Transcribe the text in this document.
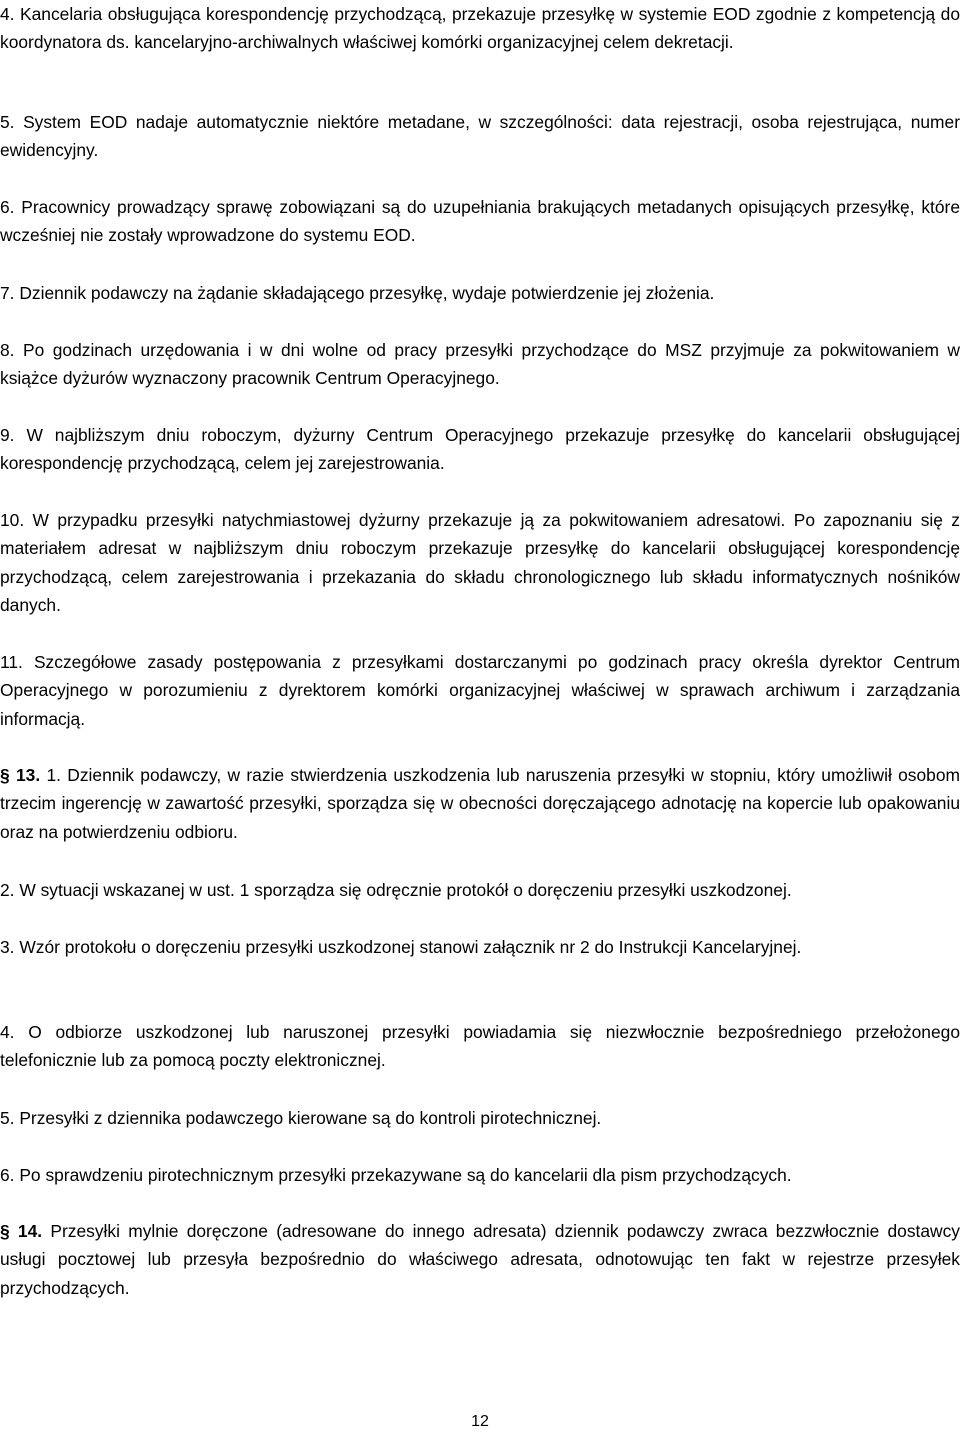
4. Kancelaria obsługująca korespondencję przychodzącą, przekazuje przesyłkę w systemie EOD zgodnie z kompetencją do koordynatora ds. kancelaryjno-archiwalnych właściwej komórki organizacyjnej celem dekretacji.

5. System EOD nadaje automatycznie niektóre metadane, w szczególności: data rejestracji, osoba rejestrująca, numer ewidencyjny.

6. Pracownicy prowadzący sprawę zobowiązani są do uzupełniania brakujących metadanych opisujących przesyłkę, które wcześniej nie zostały wprowadzone do systemu EOD.

7. Dziennik podawczy na żądanie składającego przesyłkę, wydaje potwierdzenie jej złożenia.

8. Po godzinach urzędowania i w dni wolne od pracy przesyłki przychodzące do MSZ przyjmuje za pokwitowaniem w książce dyżurów wyznaczony pracownik Centrum Operacyjnego.

9. W najbliższym dniu roboczym, dyżurny Centrum Operacyjnego przekazuje przesyłkę do kancelarii obsługującej korespondencję przychodzącą, celem jej zarejestrowania.

10. W przypadku przesyłki natychmiastowej dyżurny przekazuje ją za pokwitowaniem adresatowi. Po zapoznaniu się z materiałem adresat w najbliższym dniu roboczym przekazuje przesyłkę do kancelarii obsługującej korespondencję przychodzącą, celem zarejestrowania i przekazania do składu chronologicznego lub składu informatycznych nośników danych.

11. Szczegółowe zasady postępowania z przesyłkami dostarczanymi po godzinach pracy określa dyrektor Centrum Operacyjnego w porozumieniu z dyrektorem komórki organizacyjnej właściwej w sprawach archiwum i zarządzania informacją.

§ 13. 1. Dziennik podawczy, w razie stwierdzenia uszkodzenia lub naruszenia przesyłki w stopniu, który umożliwił osobom trzecim ingerencję w zawartość przesyłki, sporządza się w obecności doręczającego adnotację na kopercie lub opakowaniu oraz na potwierdzeniu odbioru.

2. W sytuacji wskazanej w ust. 1 sporządza się odręcznie protokół o doręczeniu przesyłki uszkodzonej.

3. Wzór protokołu o doręczeniu przesyłki uszkodzonej stanowi załącznik nr 2 do Instrukcji Kancelaryjnej.

4. O odbiorze uszkodzonej lub naruszonej przesyłki powiadamia się niezwłocznie bezpośredniego przełożonego telefonicznie lub za pomocą poczty elektronicznej.

5. Przesyłki z dziennika podawczego kierowane są do kontroli pirotechnicznej.

6. Po sprawdzeniu pirotechnicznym przesyłki przekazywane są do kancelarii dla pism przychodzących.

§ 14. Przesyłki mylnie doręczone (adresowane do innego adresata) dziennik podawczy zwraca bezzwłocznie dostawcy usługi pocztowej lub przesyła bezpośrednio do właściwego adresata, odnotowując ten fakt w rejestrze przesyłek przychodzących.

12
